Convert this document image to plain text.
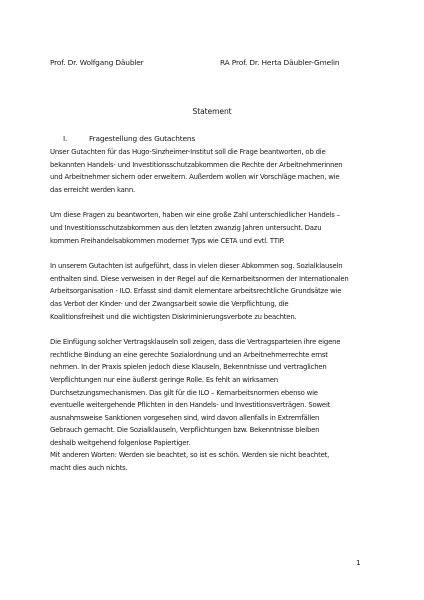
Prof. Dr. Wolfgang Däubler	RA Prof. Dr. Herta Däubler-Gmelin
Statement
I.	Fragestellung des Gutachtens
Unser Gutachten für das Hugo-Sinzheimer-Institut soll die Frage beantworten, ob die
bekannten Handels- und Investitionsschutzabkommen die Rechte der Arbeitnehmerinnen
und Arbeitnehmer sichern oder erweitern. Außerdem wollen wir Vorschläge machen, wie
das erreicht werden kann.
Um diese Fragen zu beantworten, haben wir eine große Zahl unterschiedlicher Handels –
und Investitionsschutzabkommen aus den letzten zwanzig Jahren untersucht. Dazu
kommen Freihandelsabkommen moderner Typs wie CETA und evtl. TTIP.
In unserem Gutachten ist aufgeführt, dass in vielen dieser Abkommen sog. Sozialklauseln
enthalten sind. Diese verweisen in der Regel auf die Kernarbeitsnormen der Internationalen
Arbeitsorganisation - ILO. Erfasst sind damit elementare arbeitsrechtliche Grundsätze wie
das Verbot der Kinder- und der Zwangsarbeit sowie die Verpflichtung, die
Koalitionsfreiheit und die wichtigsten Diskriminierungsverbote zu beachten.
Die Einfügung solcher Vertragsklauseln soll zeigen, dass die Vertragsparteien ihre eigene
rechtliche Bindung an eine gerechte Sozialordnung und an Arbeitnehmerrechte ernst
nehmen. In der Praxis spielen jedoch diese Klauseln, Bekenntnisse und vertraglichen
Verpflichtungen nur eine äußerst geringe Rolle. Es fehlt an wirksamen
Durchsetzungsmechanismen. Das gilt für die ILO – Kernarbeitsnormen ebenso wie
eventuelle weitergehende Pflichten in den Handels- und Investitionsverträgen. Soweit
ausnahmsweise Sanktionen vorgesehen sind, wird davon allenfalls in Extremfällen
Gebrauch gemacht. Die Sozialklauseln, Verpflichtungen bzw. Bekenntnisse bleiben
deshalb weitgehend folgenlose Papiertiger.
Mit anderen Worten: Werden sie beachtet, so ist es schön. Werden sie nicht beachtet,
macht dies auch nichts.
1
